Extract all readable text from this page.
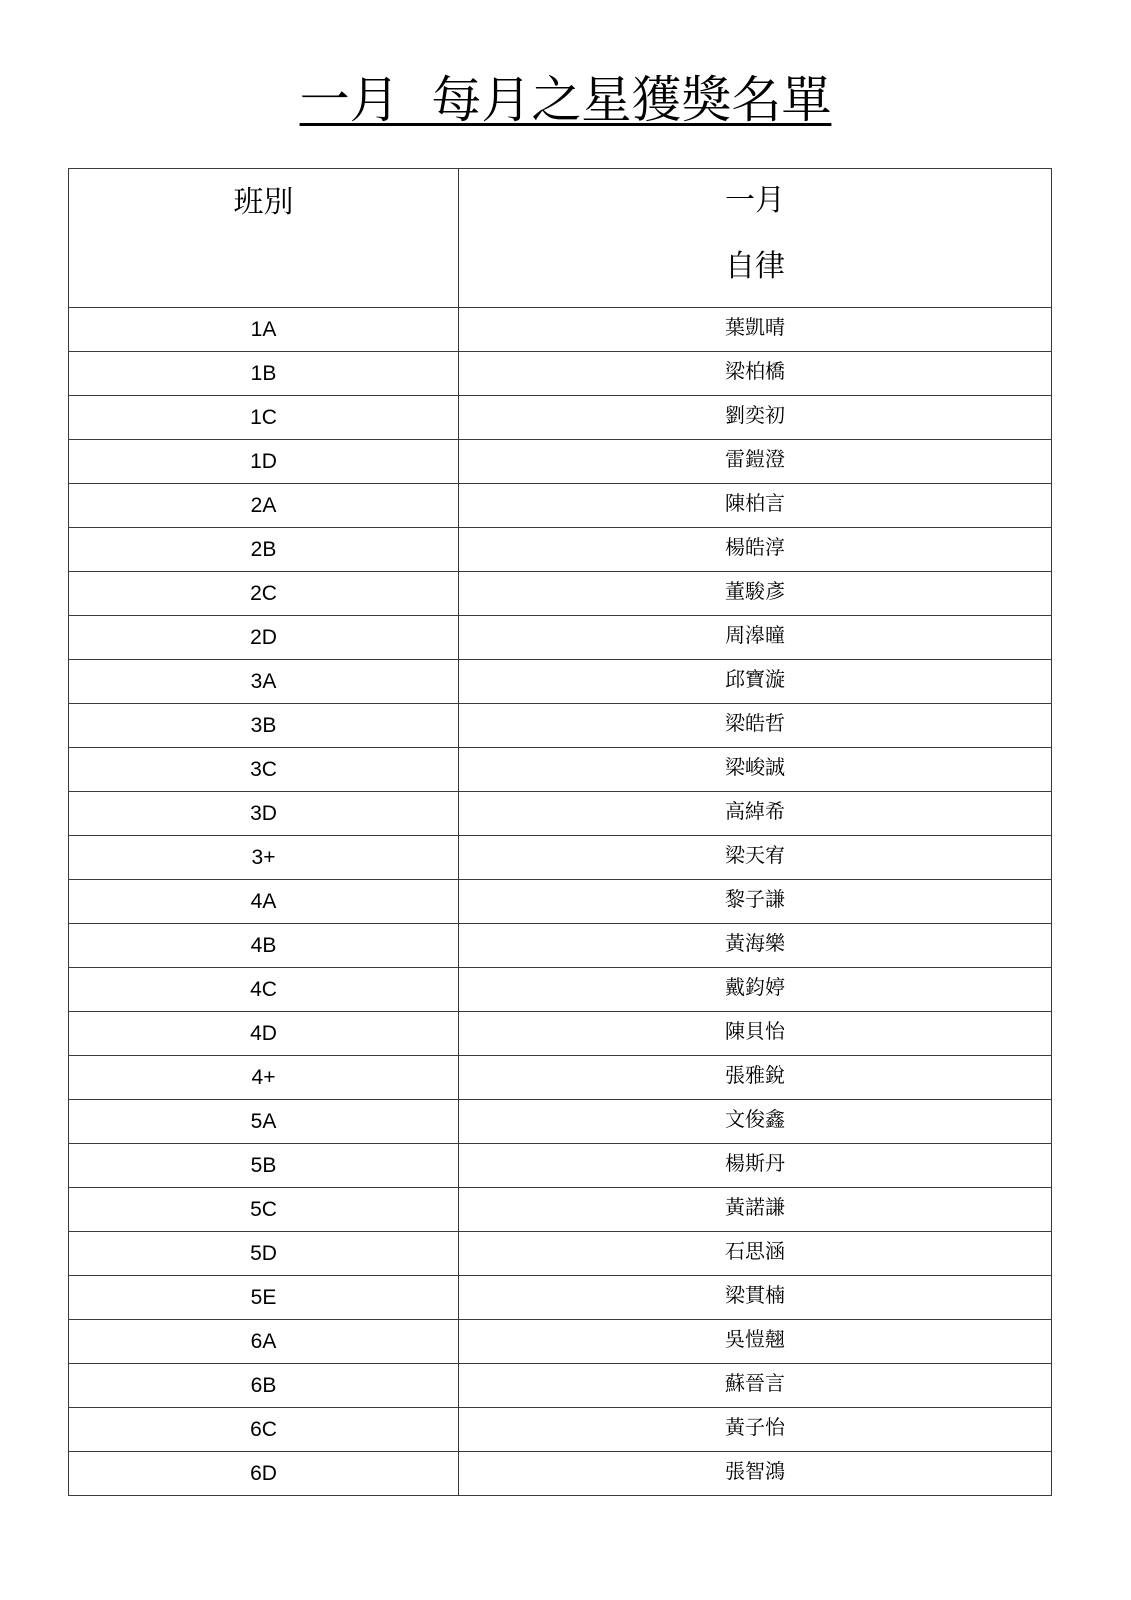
一月  每月之星獲獎名單
班別	一月
自律

1A	葉凱晴
1B	梁柏橋
1C	劉奕初
1D	雷鎧澄
2A	陳柏言
2B	楊皓淳
2C	董駿彥
2D	周滜曈
3A	邱寶漩
3B	梁皓哲
3C	梁峻誠
3D	高綽希
3+	梁天宥
4A	黎子謙
4B	黃海樂
4C	戴鈞婷
4D	陳貝怡
4+	張雅銳
5A	文俊鑫
5B	楊斯丹
5C	黃諾謙
5D	石思涵
5E	梁貫楠
6A	吳愷翹
6B	蘇晉言
6C	黃子怡
6D	張智鴻
